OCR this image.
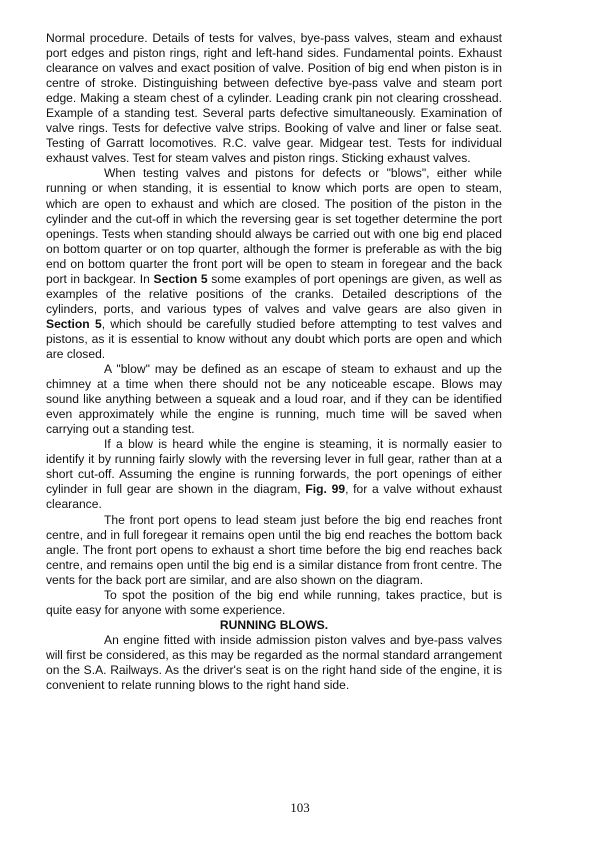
Normal procedure. Details of tests for valves, bye-pass valves, steam and exhaust port edges and piston rings, right and left-hand sides. Fundamental points. Exhaust clearance on valves and exact position of valve. Position of big end when piston is in centre of stroke. Distinguishing between defective bye-pass valve and steam port edge. Making a steam chest of a cylinder. Leading crank pin not clearing crosshead. Example of a standing test. Several parts defective simultaneously. Examination of valve rings. Tests for defective valve strips. Booking of valve and liner or false seat. Testing of Garratt locomotives. R.C. valve gear. Midgear test. Tests for individual exhaust valves. Test for steam valves and piston rings. Sticking exhaust valves.

When testing valves and pistons for defects or "blows", either while running or when standing, it is essential to know which ports are open to steam, which are open to exhaust and which are closed. The position of the piston in the cylinder and the cut-off in which the reversing gear is set together determine the port openings. Tests when standing should always be carried out with one big end placed on bottom quarter or on top quarter, although the former is preferable as with the big end on bottom quarter the front port will be open to steam in foregear and the back port in backgear. In Section 5 some examples of port openings are given, as well as examples of the relative positions of the cranks. Detailed descriptions of the cylinders, ports, and various types of valves and valve gears are also given in Section 5, which should be carefully studied before attempting to test valves and pistons, as it is essential to know without any doubt which ports are open and which are closed.

A "blow" may be defined as an escape of steam to exhaust and up the chimney at a time when there should not be any noticeable escape. Blows may sound like anything between a squeak and a loud roar, and if they can be identified even approximately while the engine is running, much time will be saved when carrying out a standing test.

If a blow is heard while the engine is steaming, it is normally easier to identify it by running fairly slowly with the reversing lever in full gear, rather than at a short cut-off. Assuming the engine is running forwards, the port openings of either cylinder in full gear are shown in the diagram, Fig. 99, for a valve without exhaust clearance.

The front port opens to lead steam just before the big end reaches front centre, and in full foregear it remains open until the big end reaches the bottom back angle. The front port opens to exhaust a short time before the big end reaches back centre, and remains open until the big end is a similar distance from front centre. The vents for the back port are similar, and are also shown on the diagram.

To spot the position of the big end while running, takes practice, but is quite easy for anyone with some experience.

RUNNING BLOWS.

An engine fitted with inside admission piston valves and bye-pass valves will first be considered, as this may be regarded as the normal standard arrangement on the S.A. Railways. As the driver's seat is on the right hand side of the engine, it is convenient to relate running blows to the right hand side.

103
